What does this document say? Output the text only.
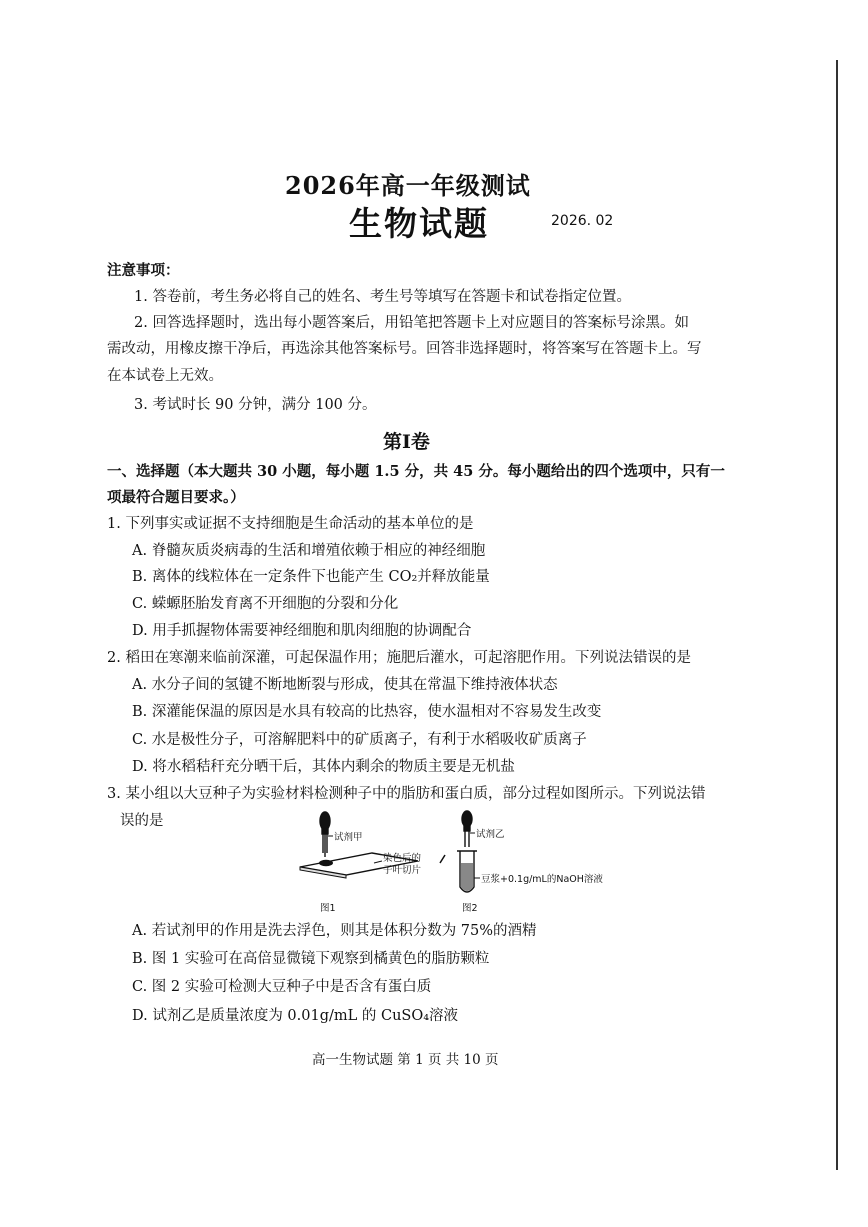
2026年高一年级测试
生物试题	2026. 02
注意事项：
1. 答卷前，考生务必将自己的姓名、考生号等填写在答题卡和试卷指定位置。
2. 回答选择题时，选出每小题答案后，用铅笔把答题卡上对应题目的答案标号涂黑。如
需改动，用橡皮擦干净后，再选涂其他答案标号。回答非选择题时，将答案写在答题卡上。写
在本试卷上无效。
3. 考试时长 90 分钟，满分 100 分。
第Ⅰ卷
一、选择题（本大题共 30 小题，每小题 1.5 分，共 45 分。每小题给出的四个选项中，只有一
项最符合题目要求。）
1. 下列事实或证据不支持细胞是生命活动的基本单位的是
A. 脊髓灰质炎病毒的生活和增殖依赖于相应的神经细胞
B. 离体的线粒体在一定条件下也能产生 CO₂并释放能量
C. 蝾螈胚胎发育离不开细胞的分裂和分化
D. 用手抓握物体需要神经细胞和肌肉细胞的协调配合
2. 稻田在寒潮来临前深灌，可起保温作用；施肥后灌水，可起溶肥作用。下列说法错误的是
A. 水分子间的氢键不断地断裂与形成，使其在常温下维持液体状态
B. 深灌能保温的原因是水具有较高的比热容，使水温相对不容易发生改变
C. 水是极性分子，可溶解肥料中的矿质离子，有利于水稻吸收矿质离子
D. 将水稻秸秆充分晒干后，其体内剩余的物质主要是无机盐
3. 某小组以大豆种子为实验材料检测种子中的脂肪和蛋白质，部分过程如图所示。下列说法错
误的是
试剂甲
染色后的
子叶切片
试剂乙
豆浆+0.1g/mL的NaOH溶液
图1	图2
A. 若试剂甲的作用是洗去浮色，则其是体积分数为 75%的酒精
B. 图 1 实验可在高倍显微镜下观察到橘黄色的脂肪颗粒
C. 图 2 实验可检测大豆种子中是否含有蛋白质
D. 试剂乙是质量浓度为 0.01g/mL 的 CuSO₄溶液
高一生物试题 第 1 页 共 10 页
